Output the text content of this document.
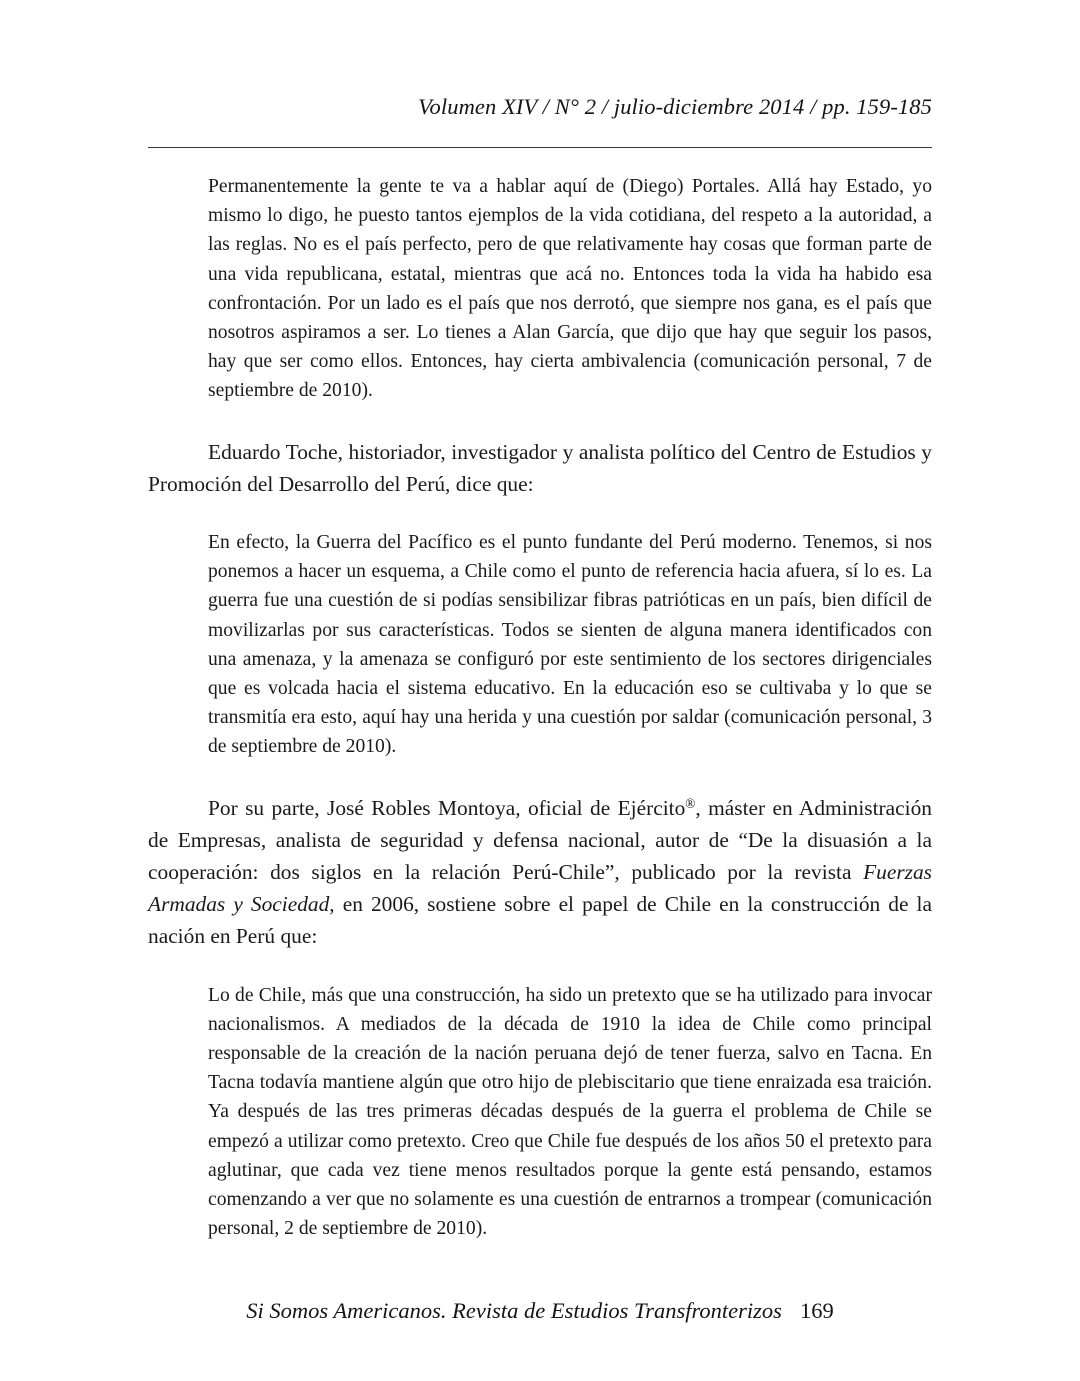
Volumen XIV / N° 2 / julio-diciembre 2014 / pp. 159-185

Permanentemente la gente te va a hablar aquí de (Diego) Portales. Allá hay Estado, yo mismo lo digo, he puesto tantos ejemplos de la vida cotidiana, del respeto a la autoridad, a las reglas. No es el país perfecto, pero de que relativamente hay cosas que forman parte de una vida republicana, estatal, mientras que acá no. Entonces toda la vida ha habido esa confrontación. Por un lado es el país que nos derrotó, que siempre nos gana, es el país que nosotros aspiramos a ser. Lo tienes a Alan García, que dijo que hay que seguir los pasos, hay que ser como ellos. Entonces, hay cierta ambivalencia (comunicación personal, 7 de septiembre de 2010).

Eduardo Toche, historiador, investigador y analista político del Centro de Estudios y Promoción del Desarrollo del Perú, dice que:

En efecto, la Guerra del Pacífico es el punto fundante del Perú moderno. Tenemos, si nos ponemos a hacer un esquema, a Chile como el punto de referencia hacia afuera, sí lo es. La guerra fue una cuestión de si podías sensibilizar fibras patrióticas en un país, bien difícil de movilizarlas por sus características. Todos se sienten de alguna manera identificados con una amenaza, y la amenaza se configuró por este sentimiento de los sectores dirigenciales que es volcada hacia el sistema educativo. En la educación eso se cultivaba y lo que se transmitía era esto, aquí hay una herida y una cuestión por saldar (comunicación personal, 3 de septiembre de 2010).

Por su parte, José Robles Montoya, oficial de Ejército®, máster en Administración de Empresas, analista de seguridad y defensa nacional, autor de “De la disuasión a la cooperación: dos siglos en la relación Perú-Chile”, publicado por la revista Fuerzas Armadas y Sociedad, en 2006, sostiene sobre el papel de Chile en la construcción de la nación en Perú que:

Lo de Chile, más que una construcción, ha sido un pretexto que se ha utilizado para invocar nacionalismos. A mediados de la década de 1910 la idea de Chile como principal responsable de la creación de la nación peruana dejó de tener fuerza, salvo en Tacna. En Tacna todavía mantiene algún que otro hijo de plebiscitario que tiene enraizada esa traición. Ya después de las tres primeras décadas después de la guerra el problema de Chile se empezó a utilizar como pretexto. Creo que Chile fue después de los años 50 el pretexto para aglutinar, que cada vez tiene menos resultados porque la gente está pensando, estamos comenzando a ver que no solamente es una cuestión de entrarnos a trompear (comunicación personal, 2 de septiembre de 2010).

Si Somos Americanos. Revista de Estudios Transfronterizos 169
